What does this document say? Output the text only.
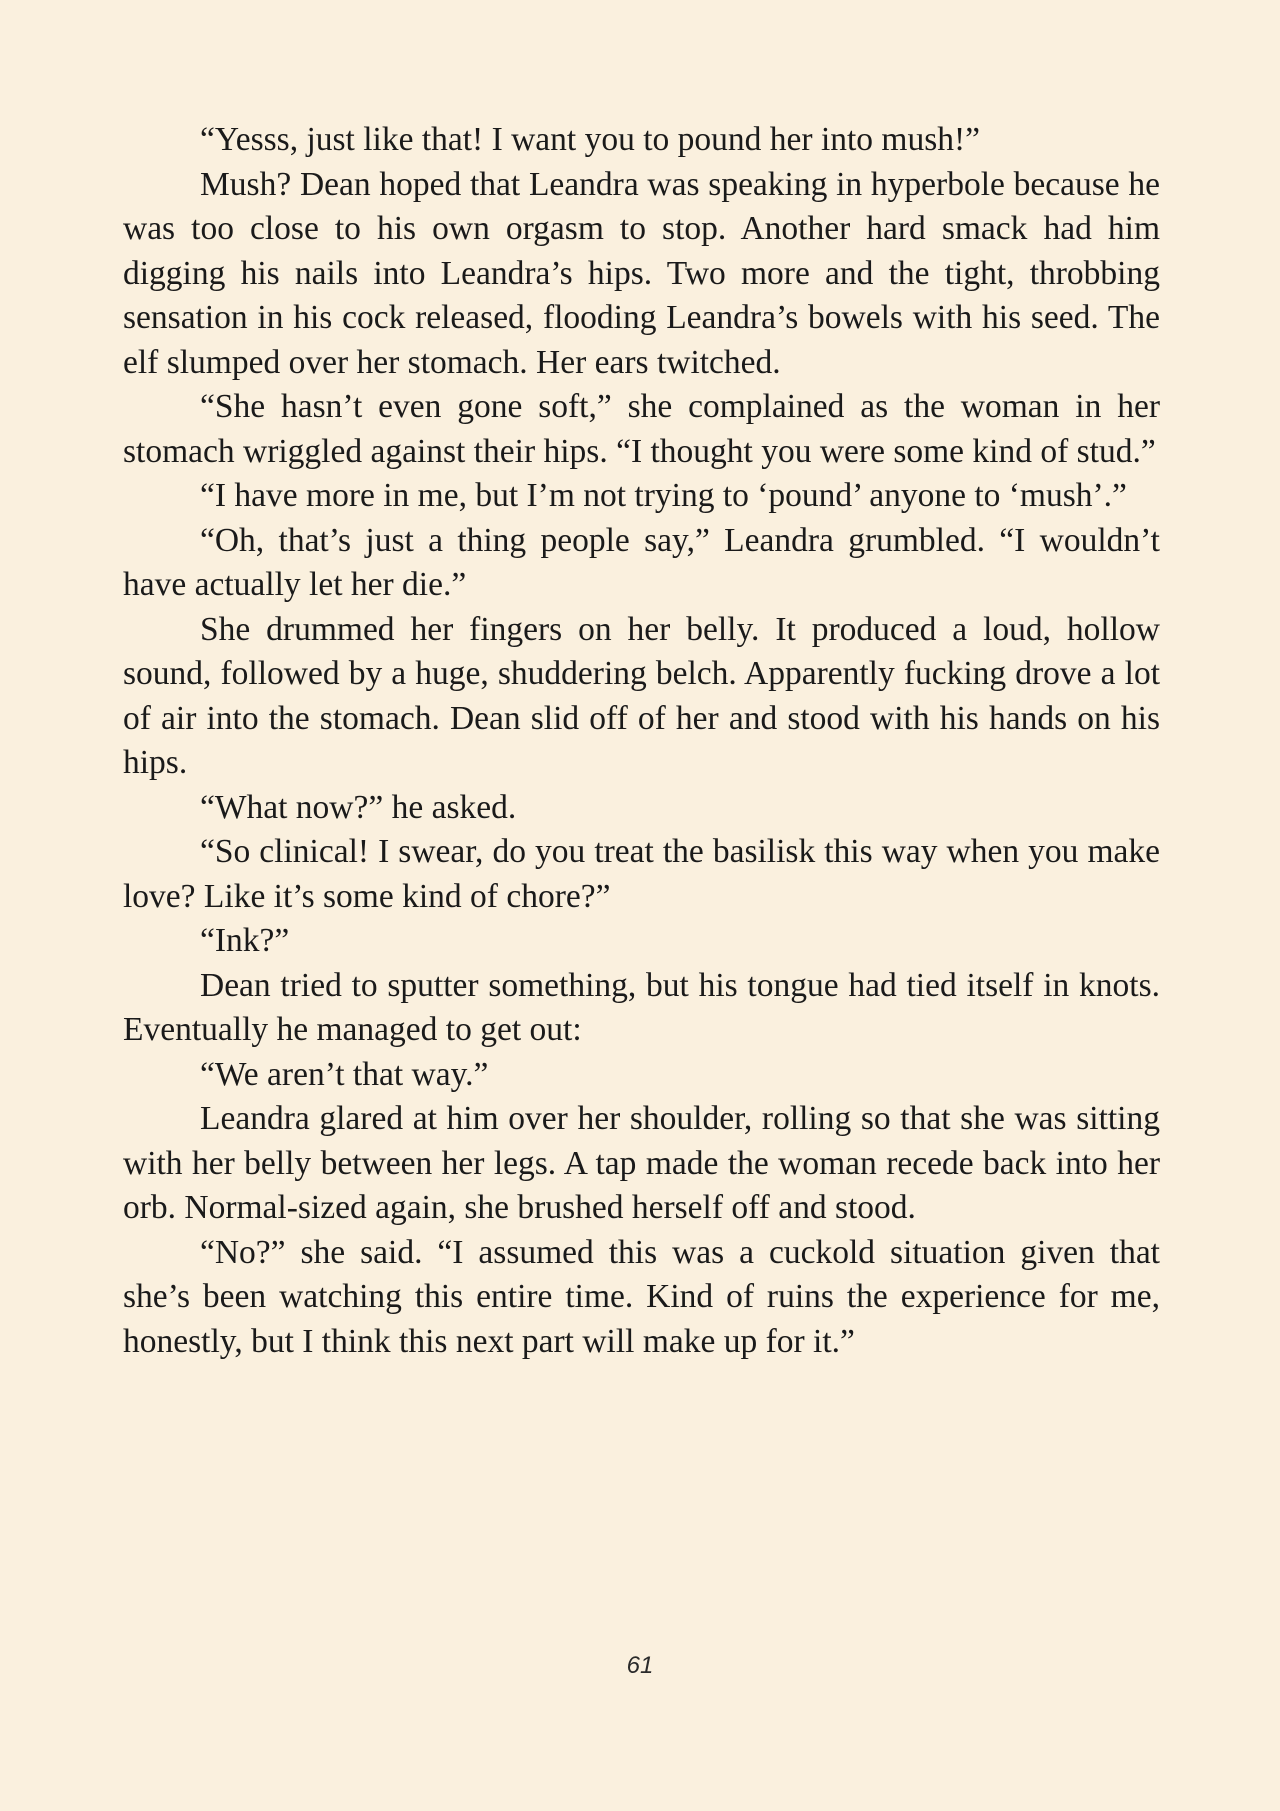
“Yesss, just like that! I want you to pound her into mush!”

Mush? Dean hoped that Leandra was speaking in hyperbole because he was too close to his own orgasm to stop. Another hard smack had him digging his nails into Leandra’s hips. Two more and the tight, throbbing sensation in his cock released, flooding Leandra’s bowels with his seed. The elf slumped over her stomach. Her ears twitched.

“She hasn’t even gone soft,” she complained as the woman in her stomach wriggled against their hips. “I thought you were some kind of stud.”

“I have more in me, but I’m not trying to ‘pound’ anyone to ‘mush’.”

“Oh, that’s just a thing people say,” Leandra grumbled. “I wouldn’t have actually let her die.”

She drummed her fingers on her belly. It produced a loud, hollow sound, followed by a huge, shuddering belch. Apparently fucking drove a lot of air into the stomach. Dean slid off of her and stood with his hands on his hips.

“What now?” he asked.

“So clinical! I swear, do you treat the basilisk this way when you make love? Like it’s some kind of chore?”

“Ink?”

Dean tried to sputter something, but his tongue had tied itself in knots. Eventually he managed to get out:

“We aren’t that way.”

Leandra glared at him over her shoulder, rolling so that she was sitting with her belly between her legs. A tap made the woman recede back into her orb. Normal-sized again, she brushed herself off and stood.

“No?” she said. “I assumed this was a cuckold situation given that she’s been watching this entire time. Kind of ruins the experience for me, honestly, but I think this next part will make up for it.”

61
